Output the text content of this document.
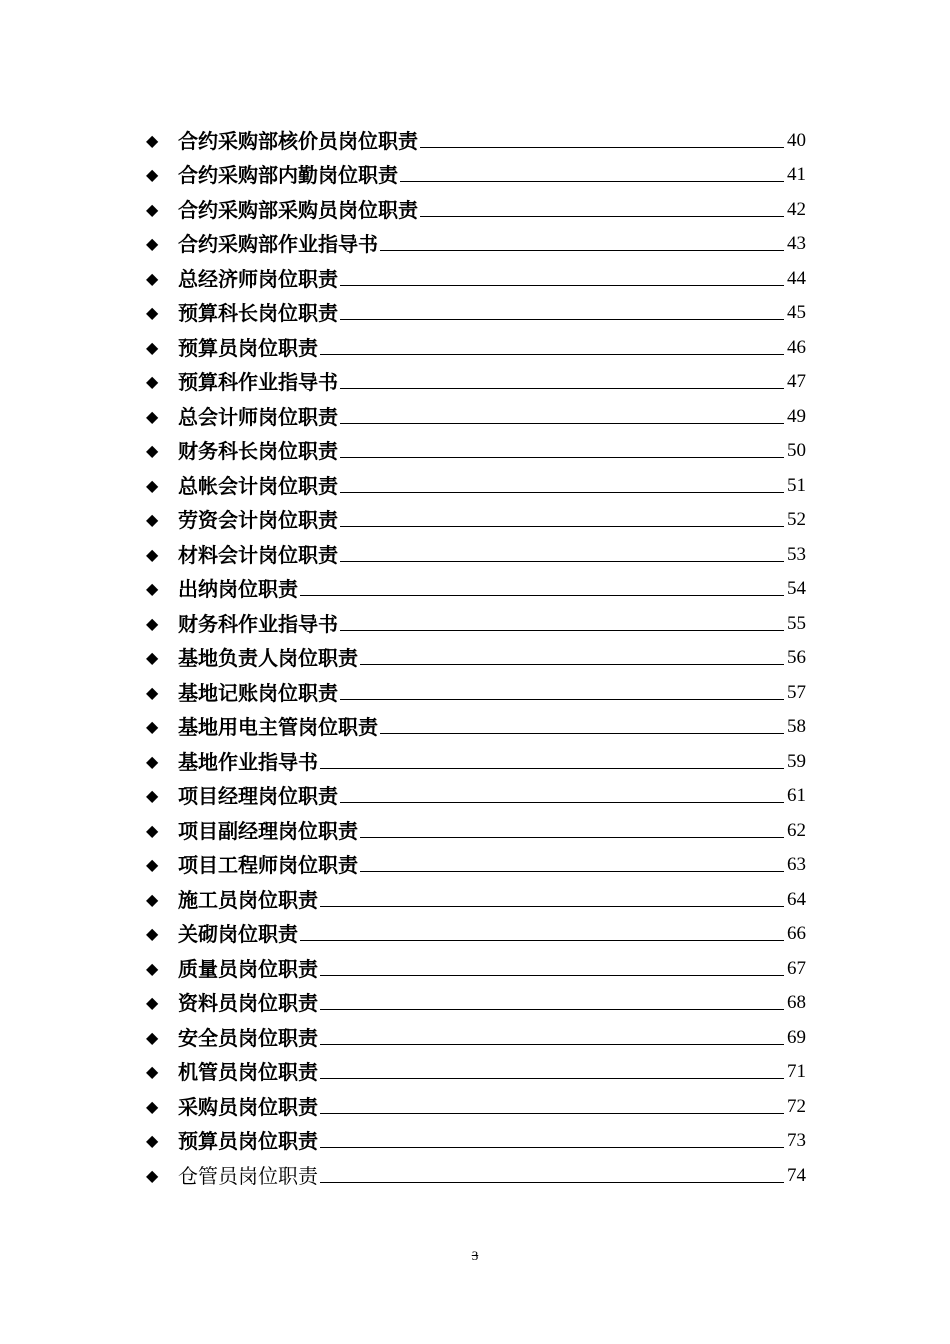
◆ 合约采购部核价员岗位职责	40
◆ 合约采购部内勤岗位职责	41
◆ 合约采购部采购员岗位职责	42
◆ 合约采购部作业指导书	43
◆ 总经济师岗位职责	44
◆ 预算科长岗位职责	45
◆ 预算员岗位职责	46
◆ 预算科作业指导书	47
◆ 总会计师岗位职责	49
◆ 财务科长岗位职责	50
◆ 总帐会计岗位职责	51
◆ 劳资会计岗位职责	52
◆ 材料会计岗位职责	53
◆ 出纳岗位职责	54
◆ 财务科作业指导书	55
◆ 基地负责人岗位职责	56
◆ 基地记账岗位职责	57
◆ 基地用电主管岗位职责	58
◆ 基地作业指导书	59
◆ 项目经理岗位职责	61
◆ 项目副经理岗位职责	62
◆ 项目工程师岗位职责	63
◆ 施工员岗位职责	64
◆ 关砌岗位职责	66
◆ 质量员岗位职责	67
◆ 资料员岗位职责	68
◆ 安全员岗位职责	69
◆ 机管员岗位职责	71
◆ 采购员岗位职责	72
◆ 预算员岗位职责	73
◆ 仓管员岗位职责	74
3
